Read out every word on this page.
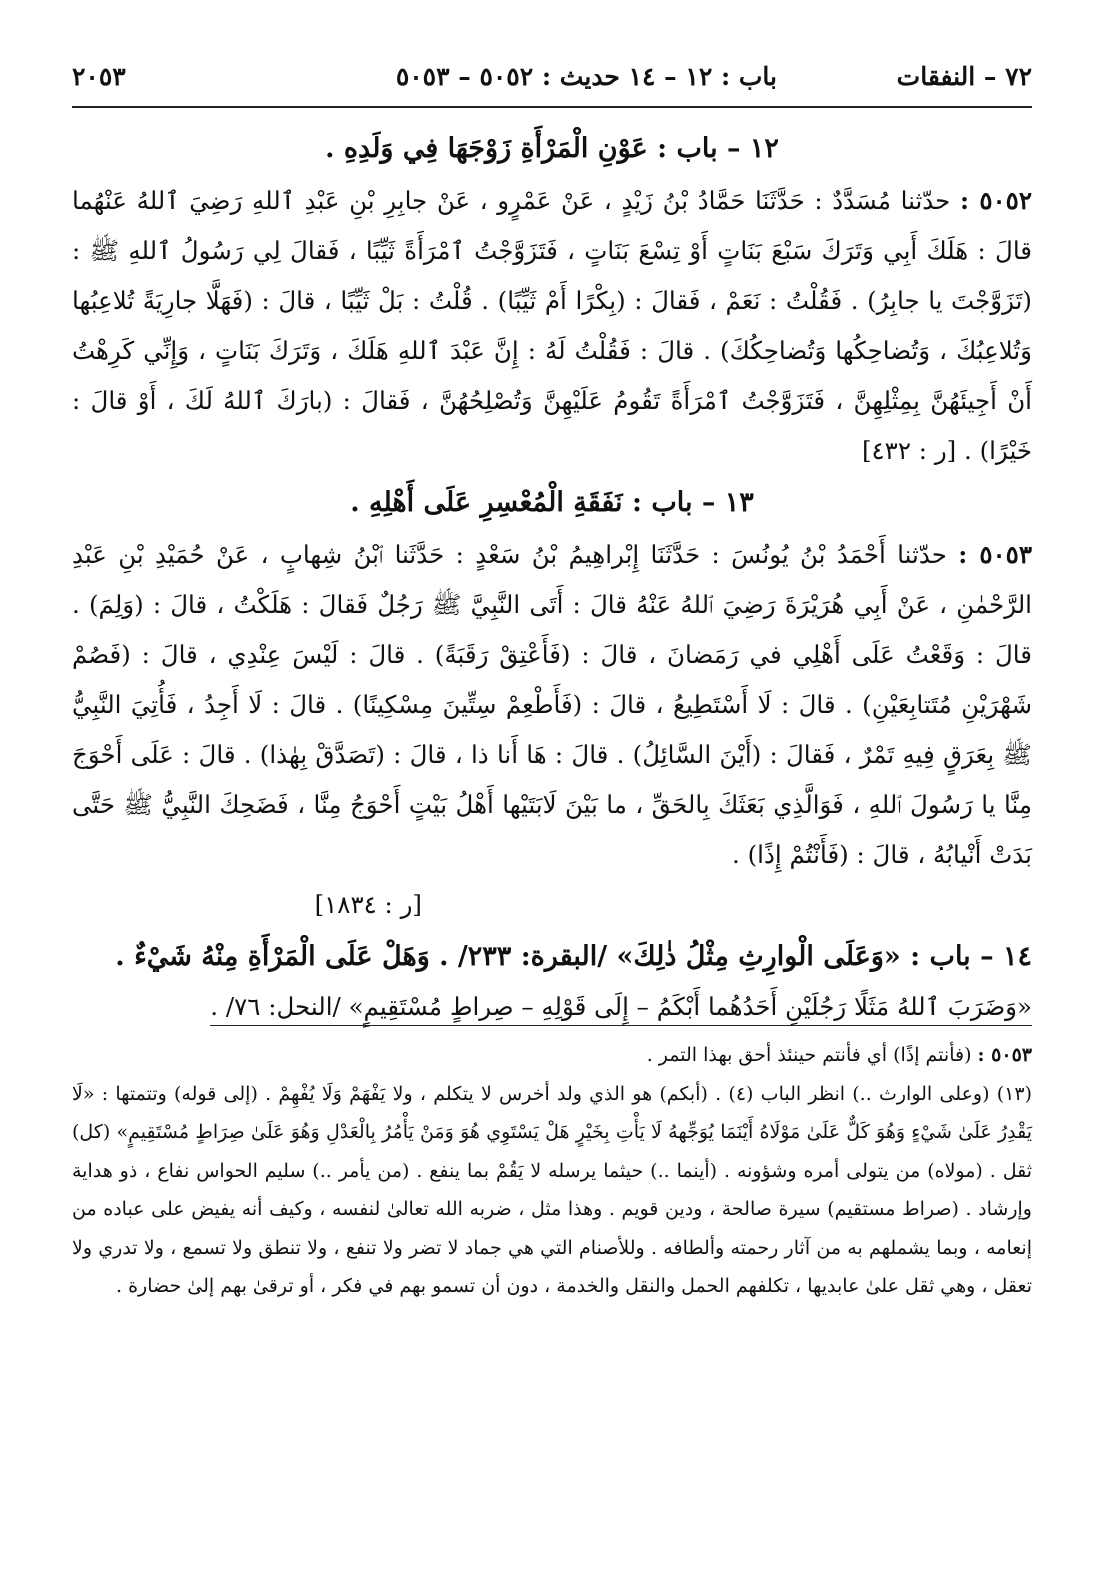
٧٢ – النفقات
باب : ١٢ – ١٤ حديث : ٥٠٥٢ – ٥٠٥٣
٢٠٥٣
١٢ – باب : عَوْنِ الْمَرْأَةِ زَوْجَهَا فِي وَلَدِهِ .

٥٠٥٢ : حدّثنا مُسَدَّدٌ : حَدَّثَنَا حَمَّادُ بْنُ زَيْدٍ ، عَنْ عَمْرٍو ، عَنْ جابِرِ بْنِ عَبْدِ ٱللهِ رَضِيَ ٱللهُ عَنْهُما قالَ : هَلَكَ أَبِي وَتَرَكَ سَبْعَ بَنَاتٍ أَوْ تِسْعَ بَنَاتٍ ، فَتَزَوَّجْتُ ٱمْرَأَةً ثَيِّبًا ، فَقالَ لِي رَسُولُ ٱللهِ ﷺ : (تَزَوَّجْتَ يا جابِرُ) . فَقُلْتُ : نَعَمْ ، فَقالَ : (بِكْرًا أَمْ ثَيِّبًا) . قُلْتُ : بَلْ ثَيِّبًا ، قالَ : (فَهَلَّا جارِيَةً تُلاعِبُها وَتُلاعِبُكَ ، وَتُضاحِكُها وَتُضاحِكُكَ) . قالَ : فَقُلْتُ لَهُ : إِنَّ عَبْدَ ٱللهِ هَلَكَ ، وَتَرَكَ بَنَاتٍ ، وَإِنِّي كَرِهْتُ أَنْ أَجِيئَهُنَّ بِمِثْلِهِنَّ ، فَتَزَوَّجْتُ ٱمْرَأَةً تَقُومُ عَلَيْهِنَّ وَتُصْلِحُهُنَّ ، فَقالَ : (بارَكَ ٱللهُ لَكَ ، أَوْ قالَ : خَيْرًا) . [ر : ٤٣٢]

١٣ – باب : نَفَقَةِ الْمُعْسِرِ عَلَى أَهْلِهِ .

٥٠٥٣ : حدّثنا أَحْمَدُ بْنُ يُونُسَ : حَدَّثَنَا إِبْراهِيمُ بْنُ سَعْدٍ : حَدَّثَنا ٱبْنُ شِهابٍ ، عَنْ حُمَيْدِ بْنِ عَبْدِ الرَّحْمٰنِ ، عَنْ أَبِي هُرَيْرَةَ رَضِيَ ٱللهُ عَنْهُ قالَ : أَتَى النَّبِيَّ ﷺ رَجُلٌ فَقالَ : هَلَكْتُ ، قالَ : (وَلِمَ) . قالَ : وَقَعْتُ عَلَى أَهْلِي في رَمَضانَ ، قالَ : (فَأَعْتِقْ رَقَبَةً) . قالَ : لَيْسَ عِنْدِي ، قالَ : (فَصُمْ شَهْرَيْنِ مُتَتابِعَيْنِ) . قالَ : لَا أَسْتَطِيعُ ، قالَ : (فَأَطْعِمْ سِتِّينَ مِسْكِينًا) . قالَ : لَا أَجِدُ ، فَأُتِيَ النَّبِيُّ ﷺ بِعَرَقٍ فِيهِ تَمْرٌ ، فَقالَ : (أَيْنَ السَّائِلُ) . قالَ : هَا أَنا ذا ، قالَ : (تَصَدَّقْ بِهٰذا) . قالَ : عَلَى أَحْوَجَ مِنَّا يا رَسُولَ ٱللهِ ، فَوَالَّذِي بَعَثَكَ بِالحَقِّ ، ما بَيْنَ لَابَتَيْها أَهْلُ بَيْتٍ أَحْوَجُ مِنَّا ، فَضَحِكَ النَّبِيُّ ﷺ حَتَّى بَدَتْ أَنْيابُهُ ، قالَ : (فَأَنْتُمْ إِذًا) .

[ر : ١٨٣٤]

١٤ – باب : «وَعَلَى الْوارِثِ مِثْلُ ذٰلِكَ» /البقرة: ٢٣٣/ . وَهَلْ عَلَى الْمَرْأَةِ مِنْهُ شَيْءٌ .

«وَضَرَبَ ٱللهُ مَثَلًا رَجُلَيْنِ أَحَدُهُما أَبْكَمُ – إِلَى قَوْلِهِ – صِراطٍ مُسْتَقِيمٍ» /النحل: ٧٦/ .

٥٠٥٣ : (فأنتم إذًا) أي فأنتم حينئذ أحق بهذا التمر .

(١٣) (وعلى الوارث ..) انظر الباب (٤) . (أبكم) هو الذي ولد أخرس لا يتكلم ، ولا يَفْهَمْ وَلَا يُفْهِمْ . (إلى قوله) وتتمتها : «لَا يَقْدِرُ عَلَىٰ شَيْءٍ وَهُوَ كَلٌّ عَلَىٰ مَوْلَاهُ أَيْنَمَا يُوَجِّههُ لَا يَأْتِ بِخَيْرٍ هَلْ يَسْتَوِي هُوَ وَمَنْ يَأْمُرُ بِالْعَدْلِ وَهُوَ عَلَىٰ صِرَاطٍ مُسْتَقِيمٍ» (كل) ثقل . (مولاه) من يتولى أمره وشؤونه . (أينما ..) حيثما يرسله لا يَقُمْ بما ينفع . (من يأمر ..) سليم الحواس نفاع ، ذو هداية وإرشاد . (صراط مستقيم) سيرة صالحة ، ودين قويم . وهذا مثل ، ضربه الله تعالىٰ لنفسه ، وكيف أنه يفيض على عباده من إنعامه ، وبما يشملهم به من آثار رحمته وألطافه . وللأصنام التي هي جماد لا تضر ولا تنفع ، ولا تنطق ولا تسمع ، ولا تدري ولا تعقل ، وهي ثقل علىٰ عابديها ، تكلفهم الحمل والنقل والخدمة ، دون أن تسمو بهم في فكر ، أو ترقىٰ بهم إلىٰ حضارة .
